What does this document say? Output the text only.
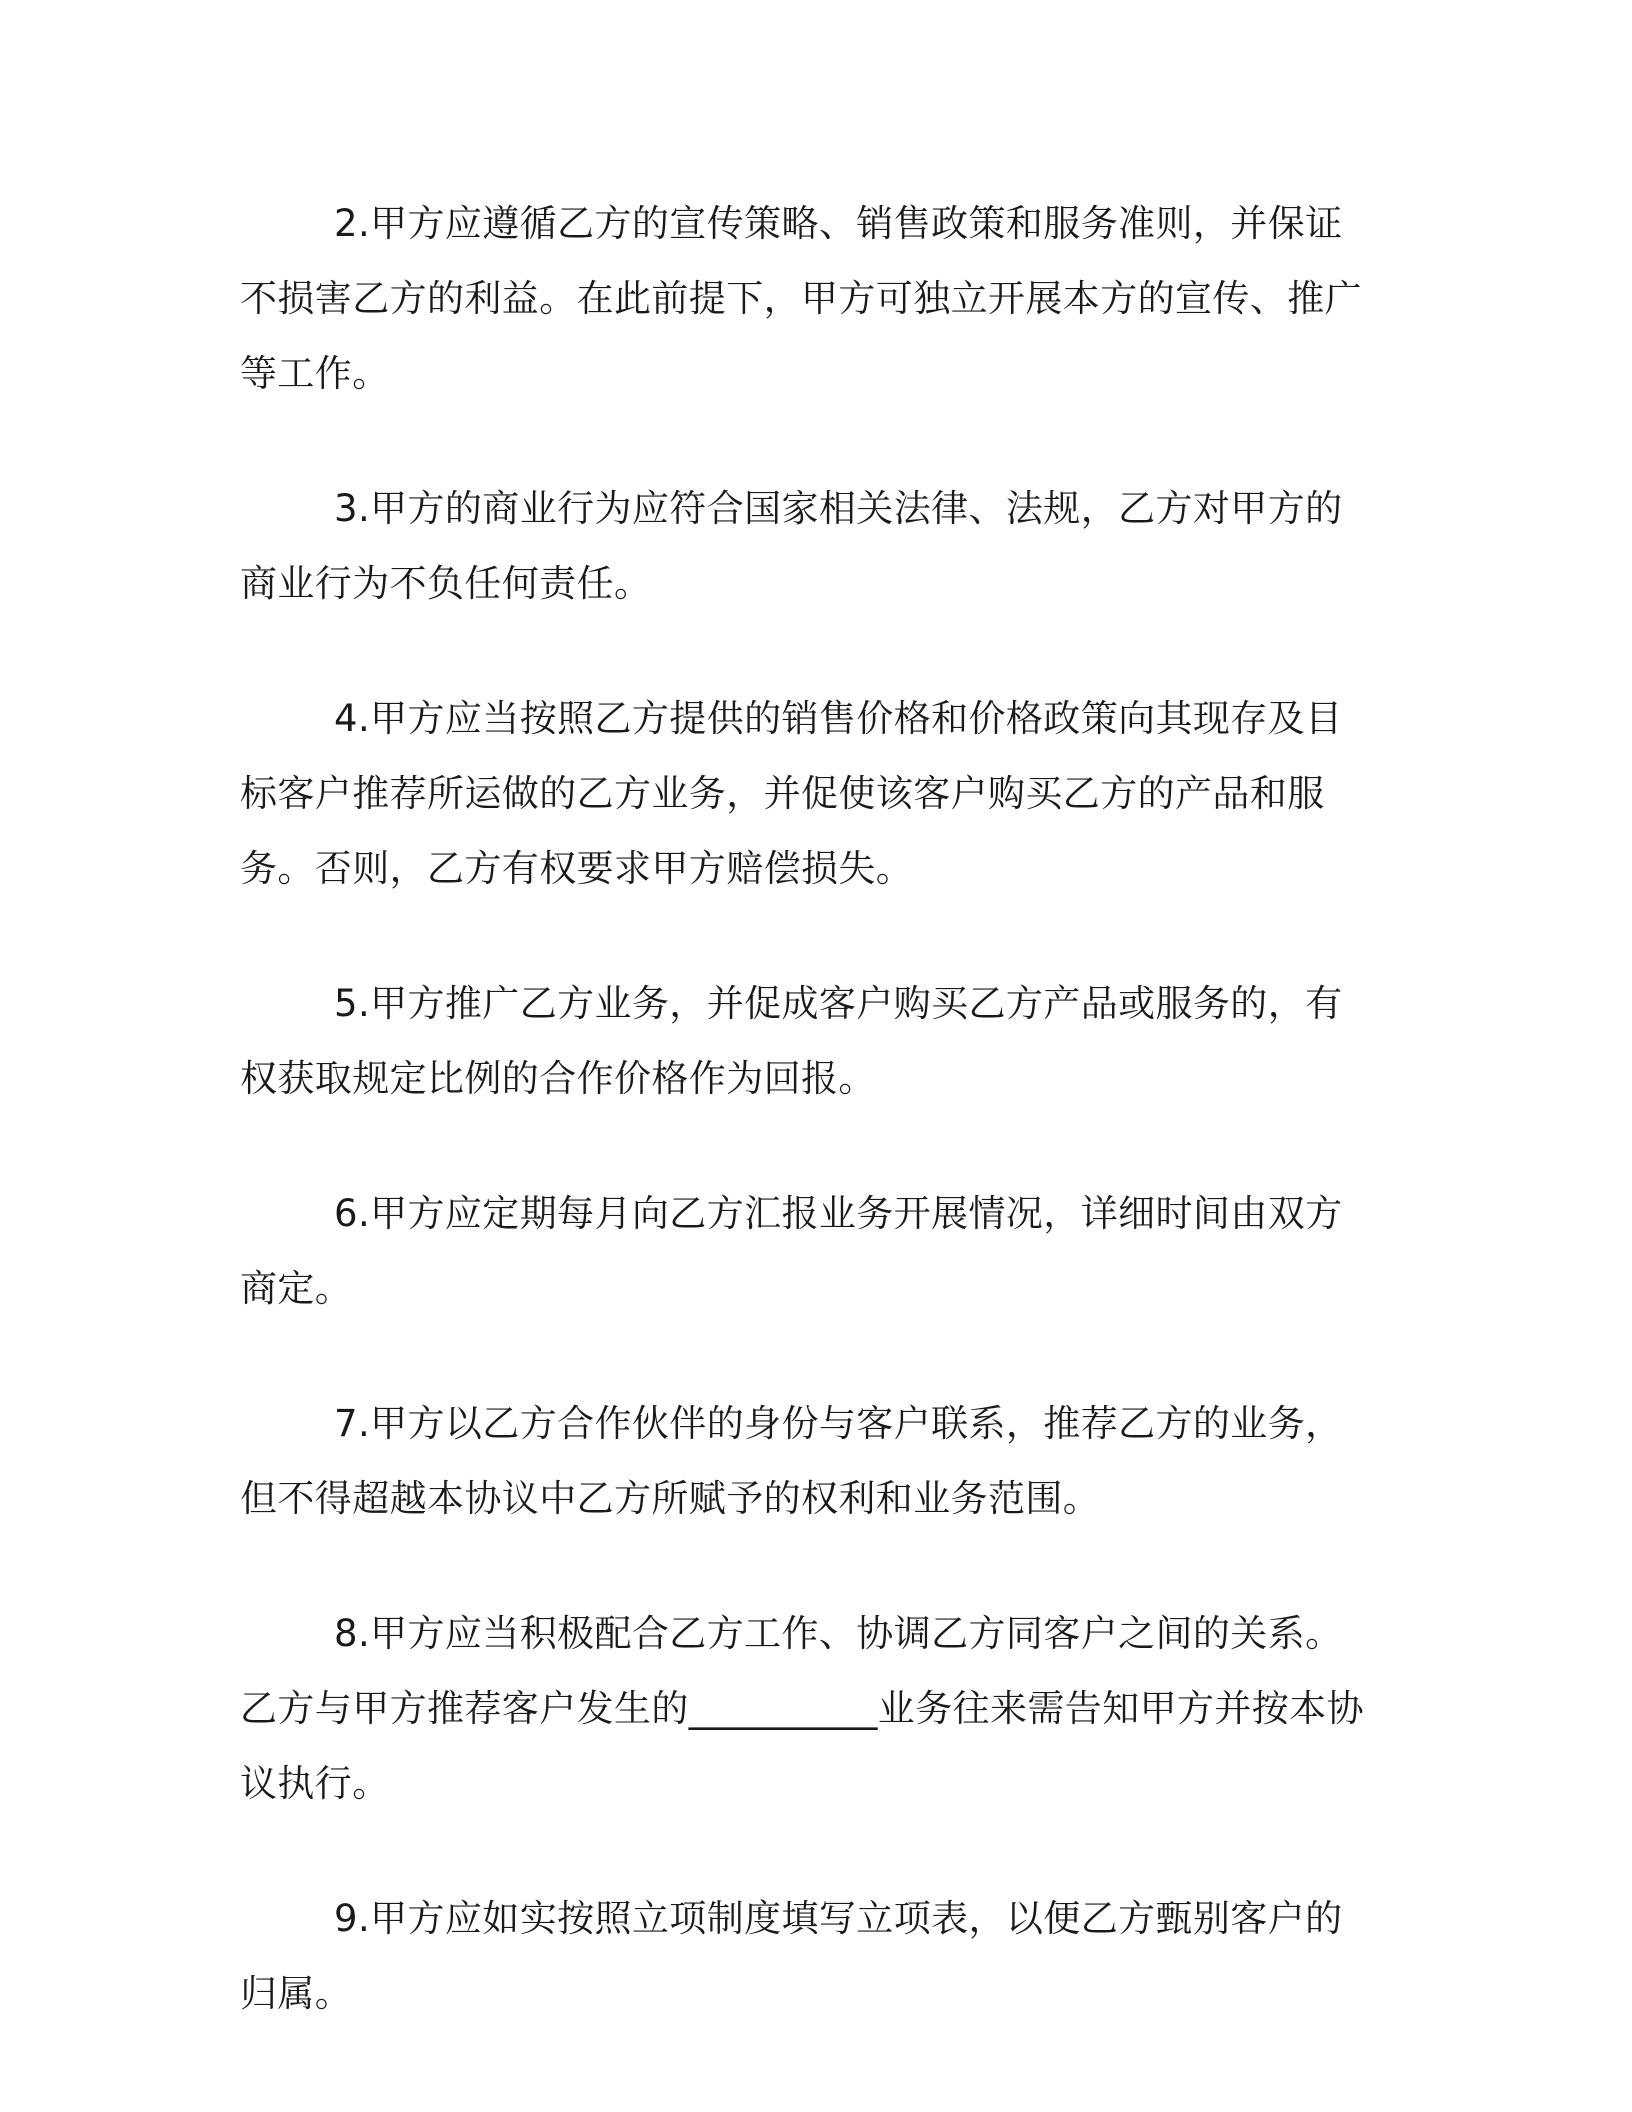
2.甲方应遵循乙方的宣传策略、销售政策和服务准则，并保证不损害乙方的利益。在此前提下，甲方可独立开展本方的宣传、推广等工作。

3.甲方的商业行为应符合国家相关法律、法规，乙方对甲方的商业行为不负任何责任。

4.甲方应当按照乙方提供的销售价格和价格政策向其现存及目标客户推荐所运做的乙方业务，并促使该客户购买乙方的产品和服务。否则，乙方有权要求甲方赔偿损失。

5.甲方推广乙方业务，并促成客户购买乙方产品或服务的，有权获取规定比例的合作价格作为回报。

6.甲方应定期每月向乙方汇报业务开展情况，详细时间由双方商定。

7.甲方以乙方合作伙伴的身份与客户联系，推荐乙方的业务，但不得超越本协议中乙方所赋予的权利和业务范围。

8.甲方应当积极配合乙方工作、协调乙方同客户之间的关系。乙方与甲方推荐客户发生的__________业务往来需告知甲方并按本协议执行。

9.甲方应如实按照立项制度填写立项表，以便乙方甄别客户的归属。
